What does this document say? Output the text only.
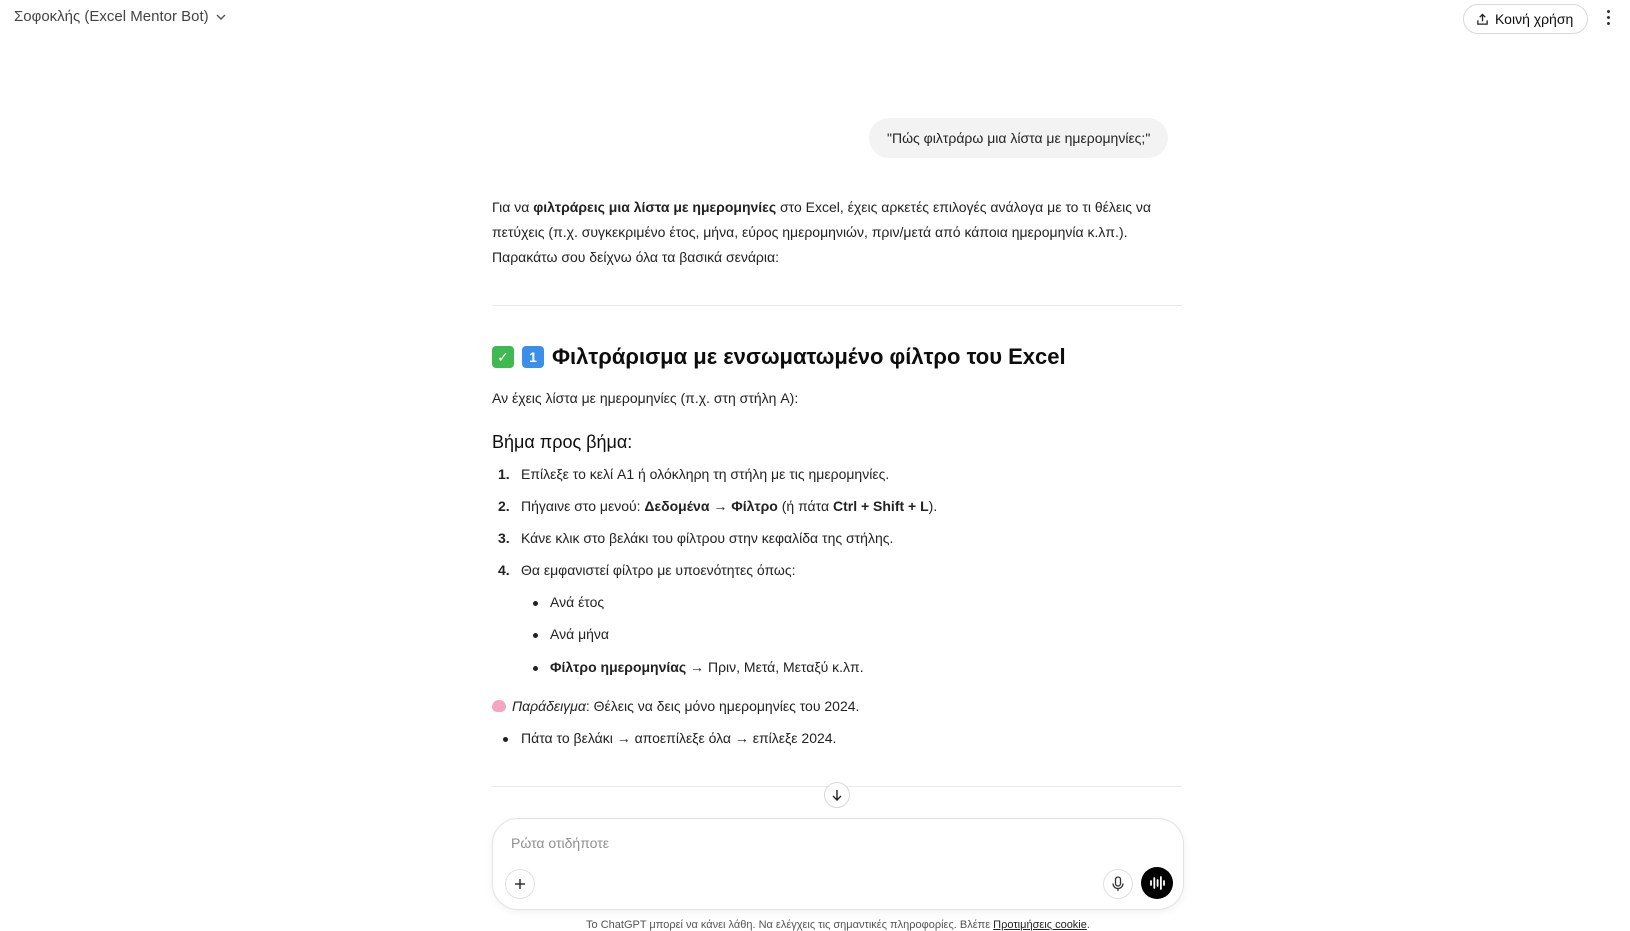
Σοφοκλής (Excel Mentor Bot)	Κοινή χρήση
"Πώς φιλτράρω μια λίστα με ημερομηνίες;"

Για να φιλτράρεις μια λίστα με ημερομηνίες στο Excel, έχεις αρκετές επιλογές ανάλογα με το τι θέλεις να

πετύχεις (π.χ. συγκεκριμένο έτος, μήνα, εύρος ημερομηνιών, πριν/μετά από κάποια ημερομηνία κ.λπ.).

Παρακάτω σου δείχνω όλα τα βασικά σενάρια:

✓	1 Φιλτράρισμα με ενσωματωμένο φίλτρο του Excel
Αν έχεις λίστα με ημερομηνίες (π.χ. στη στήλη A):
Βήμα προς βήμα:
1. Επίλεξε το κελί A1 ή ολόκληρη τη στήλη με τις ημερομηνίες.
2. Πήγαινε στο μενού: Δεδομένα → Φίλτρο (ή πάτα Ctrl + Shift + L).
3. Κάνε κλικ στο βελάκι του φίλτρου στην κεφαλίδα της στήλης.
4. Θα εμφανιστεί φίλτρο με υποενότητες όπως:
Ανά έτος
Ανά μήνα
Φίλτρο ημερομηνίας → Πριν, Μετά, Μεταξύ κ.λπ.
Παράδειγμα: Θέλεις να δεις μόνο ημερομηνίες του 2024.
Πάτα το βελάκι → αποεπίλεξε όλα → επίλεξε 2024.
Ρώτα οτιδήποτε
Το ChatGPT μπορεί να κάνει λάθη. Να ελέγχεις τις σημαντικές πληροφορίες. Βλέπε Προτιμήσεις cookie.
